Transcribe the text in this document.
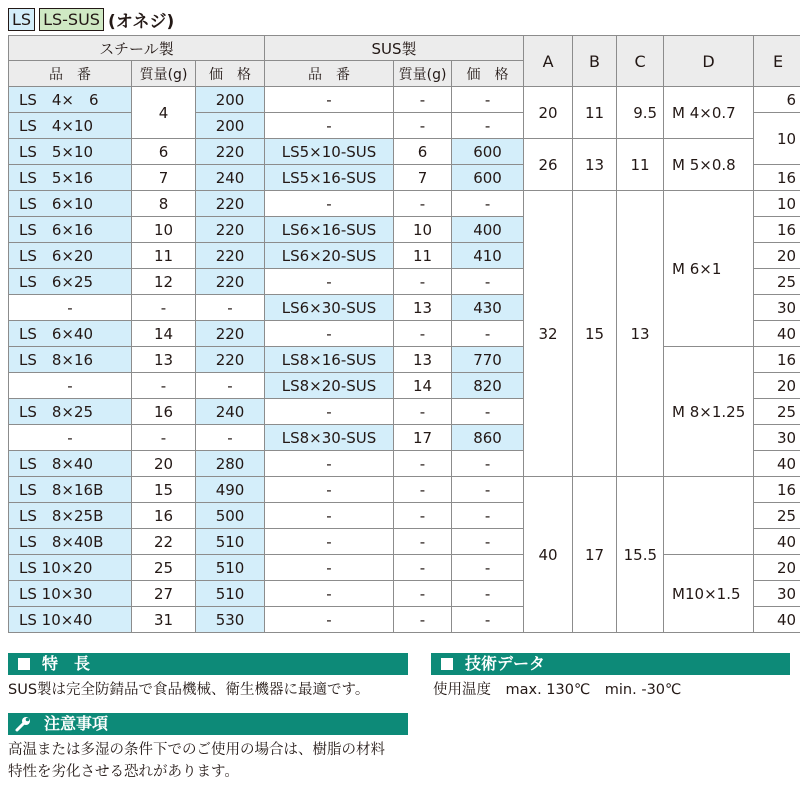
LS LS-SUS (オネジ)
スチール製			SUS製			A	B	C	D	E
品　番	質量(g)	価　格	品　番	質量(g)	価　格					
LS　4×　6	4	200	-	-	-	20	11	9.5	M 4×0.7	6
LS　4×10		200	-	-	-					10
LS　5×10	6	220	LS5×10-SUS	6	600	26	13	11	M 5×0.8	
LS　5×16	7	240	LS5×16-SUS	7	600					16
LS　6×10	8	220	-	-	-	32	15	13	M 6×1	10
LS　6×16	10	220	LS6×16-SUS	10	400					16
LS　6×20	11	220	LS6×20-SUS	11	410					20
LS　6×25	12	220	-	-	-					25
-	-	-	LS6×30-SUS	13	430					30
LS　6×40	14	220	-	-	-					40
LS　8×16	13	220	LS8×16-SUS	13	770				M 8×1.25	16
-	-	-	LS8×20-SUS	14	820					20
LS　8×25	16	240	-	-	-					25
-	-	-	LS8×30-SUS	17	860					30
LS　8×40	20	280	-	-	-					40
LS　8×16B	15	490	-	-	-	40	17	15.5		16
LS　8×25B	16	500	-	-	-					25
LS　8×40B	22	510	-	-	-					40
LS 10×20	25	510	-	-	-				M10×1.5	20
LS 10×30	27	510	-	-	-					30
LS 10×40	31	530	-	-	-					40
特　長
SUS製は完全防錆品で食品機械、衛生機器に最適です。
技術データ
使用温度　max. 130℃　min. -30℃
注意事項
高温または多湿の条件下でのご使用の場合は、樹脂の材料
特性を劣化させる恐れがあります。
